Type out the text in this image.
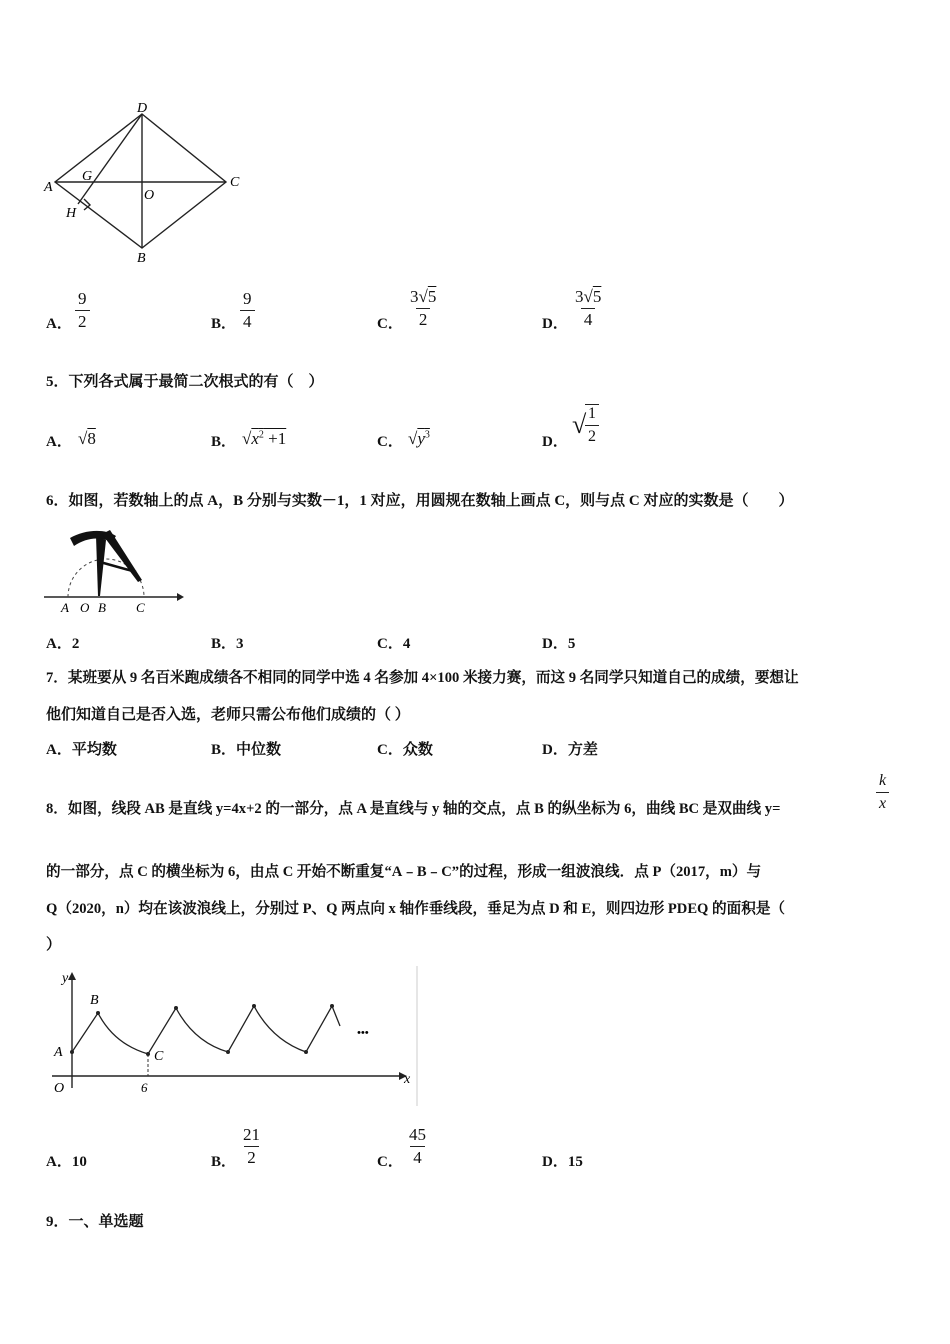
D
A
G
O
C
H
B
A． $\frac{9}{2}$	B． $\frac{9}{4}$	C． $\frac{3√5}{2}$	D． $\frac{3√5}{4}$
5．下列各式属于最简二次根式的有（　）
A． √8	B． $√x^2 +1$	C． $√y^3$	D．
√
$\frac{1}{2}$
6．如图，若数轴上的点 A，B 分别与实数－1，1 对应，用圆规在数轴上画点 C，则与点 C 对应的实数是（　　）
A O B C
A．2	B．3	C．4	D．5
7．某班要从 9 名百米跑成绩各不相同的同学中选 4 名参加 4×100 米接力赛，而这 9 名同学只知道自己的成绩，要想让
他们知道自己是否入选，老师只需公布他们成绩的（ ）
A．平均数	B．中位数	C．众数	D．方差
8．如图，线段 AB 是直线 y=4x+2 的一部分，点 A 是直线与 y 轴的交点，点 B 的纵坐标为 6，曲线 BC 是双曲线 y=	$\frac{k}{x}$
的一部分，点 C 的横坐标为 6，由点 C 开始不断重复“A﹣B﹣C”的过程，形成一组波浪线．点 P（2017，m）与
Q（2020，n）均在该波浪线上，分别过 P、Q 两点向 x 轴作垂线段，垂足为点 D 和 E，则四边形 PDEQ 的面积是（
）
y
x
O
A
B
C
6
•••
A．10	B． $\frac{21}{2}$	C． $\frac{45}{4}$	D．15
9．一、单选题
